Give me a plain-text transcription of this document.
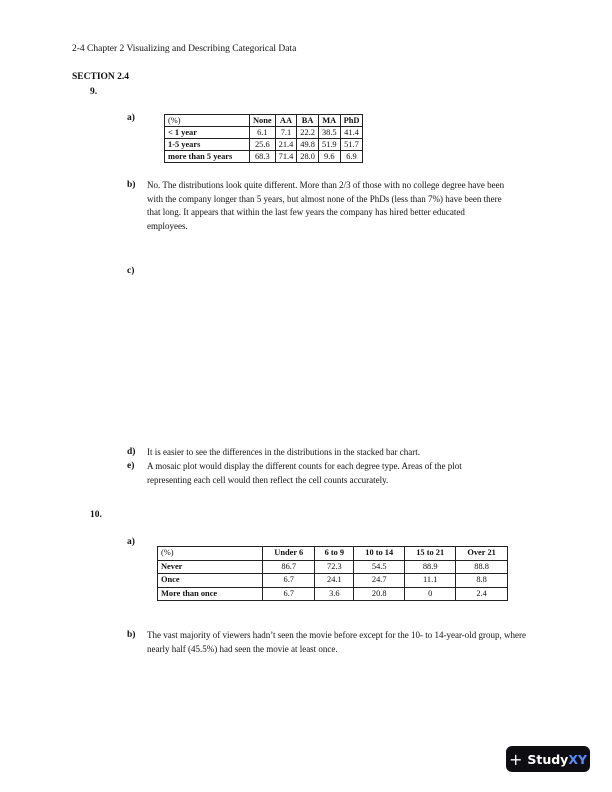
2-4 Chapter 2 Visualizing and Describing Categorical Data
SECTION 2.4
9.
a)	(%)	None	AA	BA	MA	PhD
< 1 year	6.1	7.1	22.2	38.5	41.4
1-5 years	25.6	21.4	49.8	51.9	51.7
more than 5 years	68.3	71.4	28.0	9.6	6.9
b) No. The distributions look quite different. More than 2/3 of those with no college degree have been with the company longer than 5 years, but almost none of the PhDs (less than 7%) have been there that long. It appears that within the last few years the company has hired better educated employees.
c)
d) It is easier to see the differences in the distributions in the stacked bar chart.
e) A mosaic plot would display the different counts for each degree type. Areas of the plot representing each cell would then reflect the cell counts accurately.
10.
a)
(%)	Under 6	6 to 9	10 to 14	15 to 21	Over 21
Never	86.7	72.3	54.5	88.9	88.8
Once	6.7	24.1	24.7	11.1	8.8
More than once	6.7	3.6	20.8	0	2.4
b) The vast majority of viewers hadn’t seen the movie before except for the 10- to 14-year-old group, where nearly half (45.5%) had seen the movie at least once.
+ Study XY
